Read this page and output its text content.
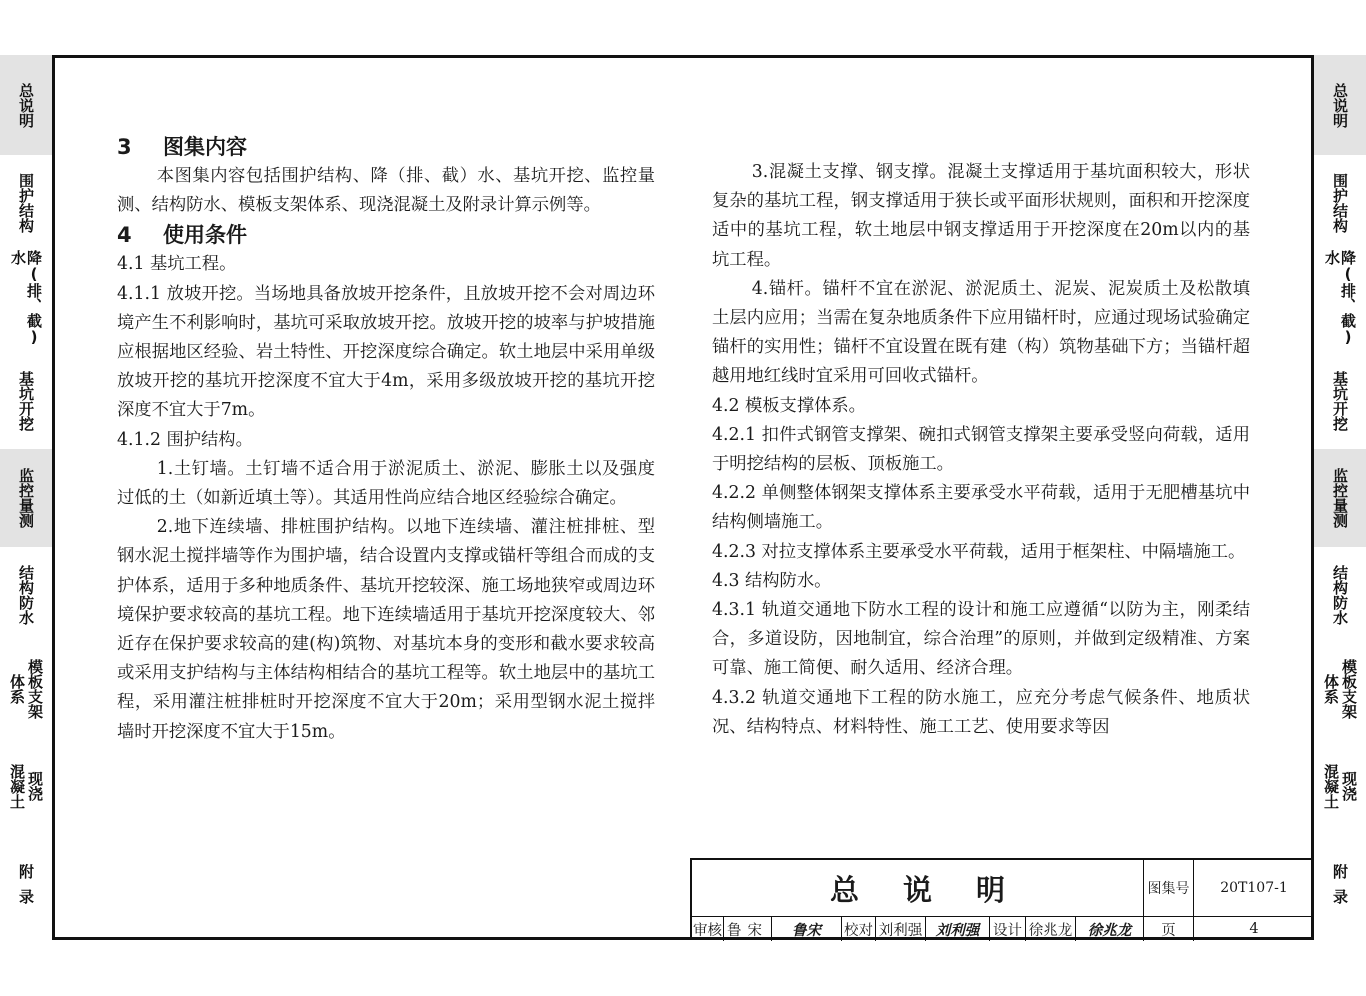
总说明
围护结构
降(排、截)水
基坑开挖
监控量测
结构防水
模板支架
体系
现浇
混凝土
附录
总说明
围护结构
降(排、截)水
基坑开挖
监控量测
结构防水
模板支架
体系
现浇
混凝土
附录

3 图集内容

本图集内容包括围护结构、降（排、截）水、基坑开挖、监控量测、结构防水、模板支架体系、现浇混凝土及附录计算示例等。

4 使用条件

4.1 基坑工程。

4.1.1 放坡开挖。当场地具备放坡开挖条件，且放坡开挖不会对周边环境产生不利影响时，基坑可采取放坡开挖。放坡开挖的坡率与护坡措施应根据地区经验、岩土特性、开挖深度综合确定。软土地层中采用单级放坡开挖的基坑开挖深度不宜大于4m，采用多级放坡开挖的基坑开挖深度不宜大于7m。

4.1.2 围护结构。

1.土钉墙。土钉墙不适合用于淤泥质土、淤泥、膨胀土以及强度过低的土（如新近填土等）。其适用性尚应结合地区经验综合确定。

2.地下连续墙、排桩围护结构。以地下连续墙、灌注桩排桩、型钢水泥土搅拌墙等作为围护墙，结合设置内支撑或锚杆等组合而成的支护体系，适用于多种地质条件、基坑开挖较深、施工场地狭窄或周边环境保护要求较高的基坑工程。地下连续墙适用于基坑开挖深度较大、邻近存在保护要求较高的建(构)筑物、对基坑本身的变形和截水要求较高或采用支护结构与主体结构相结合的基坑工程等。软土地层中的基坑工程，采用灌注桩排桩时开挖深度不宜大于20m；采用型钢水泥土搅拌墙时开挖深度不宜大于15m。

3.混凝土支撑、钢支撑。混凝土支撑适用于基坑面积较大，形状复杂的基坑工程，钢支撑适用于狭长或平面形状规则，面积和开挖深度适中的基坑工程，软土地层中钢支撑适用于开挖深度在20m以内的基坑工程。

4.锚杆。锚杆不宜在淤泥、淤泥质土、泥炭、泥炭质土及松散填土层内应用；当需在复杂地质条件下应用锚杆时，应通过现场试验确定锚杆的实用性；锚杆不宜设置在既有建（构）筑物基础下方；当锚杆超越用地红线时宜采用可回收式锚杆。

4.2 模板支撑体系。

4.2.1 扣件式钢管支撑架、碗扣式钢管支撑架主要承受竖向荷载，适用于明挖结构的层板、顶板施工。

4.2.2 单侧整体钢架支撑体系主要承受水平荷载，适用于无肥槽基坑中结构侧墙施工。

4.2.3 对拉支撑体系主要承受水平荷载，适用于框架柱、中隔墙施工。

4.3 结构防水。

4.3.1 轨道交通地下防水工程的设计和施工应遵循“以防为主，刚柔结合，多道设防，因地制宜，综合治理”的原则，并做到定级精准、方案可靠、施工简便、耐久适用、经济合理。

4.3.2 轨道交通地下工程的防水施工，应充分考虑气候条件、地质状况、结构特点、材料特性、施工工艺、使用要求等因

总说明	图集号	20T107-1
审核 鲁宋	鲁宋	校对 刘利强 刘利强 设计 徐兆龙	徐兆龙	页	4
